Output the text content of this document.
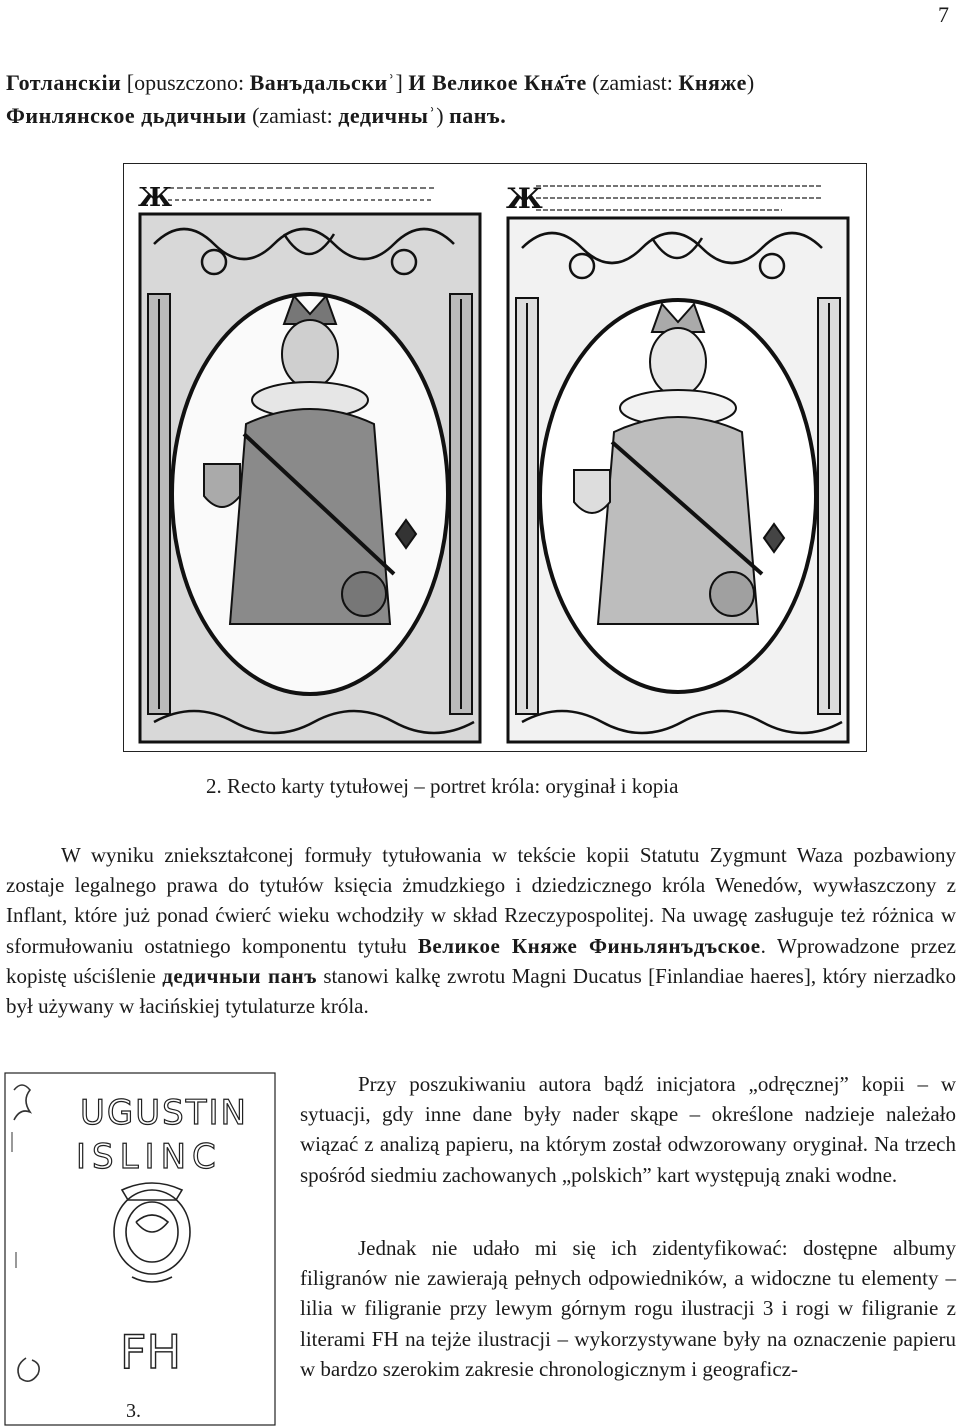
7
Готланскiи [opuszczono: Ванъдальскиʾ] И Великое Кнѧ҃те (zamiast: Княже)
Финлянское дьдичныи (zamiast: дедичныʾ) панъ.
Ж	Ж
2. Recto karty tytułowej – portret króla: oryginał i kopia

W wyniku zniekształconej formuły tytułowania w tekście kopii Statutu Zygmunt Waza pozbawiony zostaje legalnego prawa do tytułów księcia żmudzkiego i dziedzicznego króla Wenedów, wywłaszczony z Inflant, które już ponad ćwierć wieku wchodziły w skład Rzeczypospolitej. Na uwagę zasługuje też różnica w sformułowaniu ostatniego komponentu tytułu Великое Княже Финьлянъдъское. Wprowadzone przez kopistę uściślenie дедичныи панъ stanowi kalkę zwrotu Magni Ducatus [Finlandiae haeres], który nierzadko był używany w łacińskiej tytulaturze króla.

UGUSTIN
ISLINC
FH
3.

Przy poszukiwaniu autora bądź inicjatora „odręcznej” kopii – w sytuacji, gdy inne dane były nader skąpe – określone nadzieje należało wiązać z analizą papieru, na którym został odwzorowany oryginał. Na trzech spośród siedmiu zachowanych „polskich” kart występują znaki wodne.

Jednak nie udało mi się ich zidentyfikować: dostępne albumy filigranów nie zawierają pełnych odpowiedników, a widoczne tu elementy – lilia w filigranie przy lewym górnym rogu ilustracji 3 i rogi w filigranie z literami FH na tejże ilustracji – wykorzystywane były na oznaczenie papieru w bardzo szerokim zakresie chronologicznym i geograficz-
